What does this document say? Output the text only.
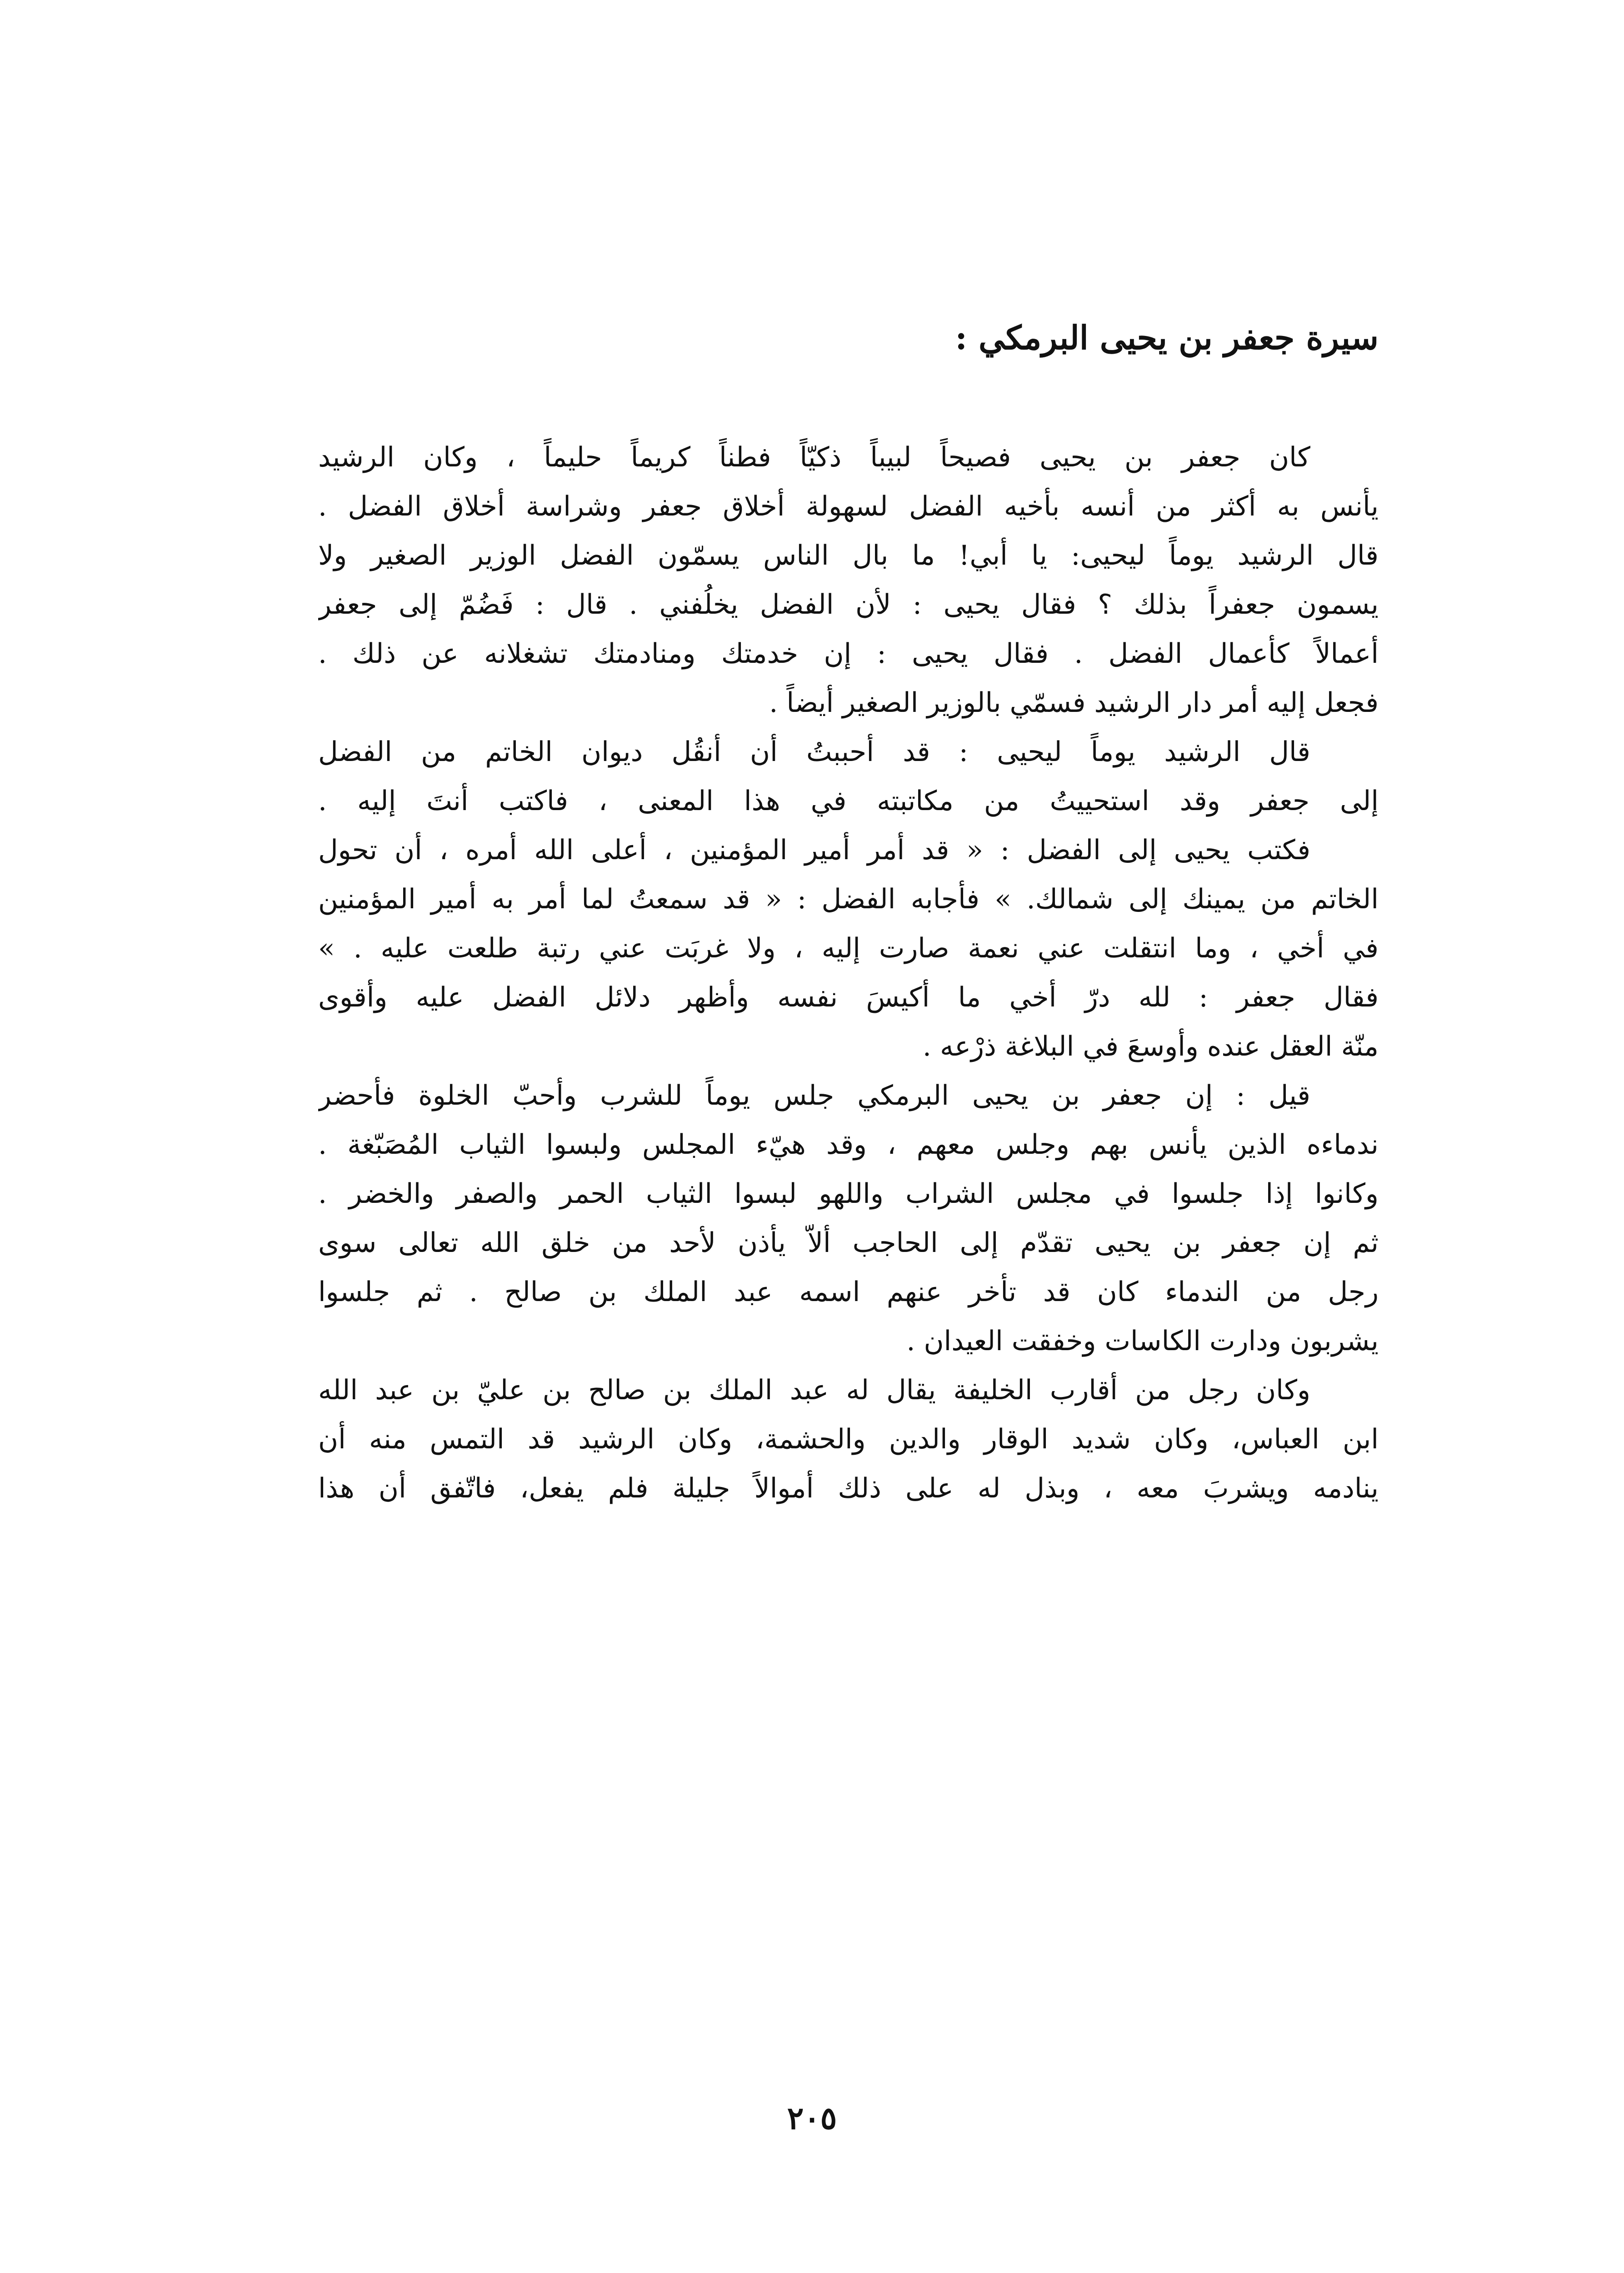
سيرة جعفر بن يحيى البرمكي :
كان جعفر بن يحيى فصيحاً لبيباً ذكيّاً فطناً كريماً حليماً ، وكان الرشيد
يأنس به أكثر من أنسه بأخيه الفضل لسهولة أخلاق جعفر وشراسة أخلاق الفضل .
قال الرشيد يوماً ليحيى: يا أبي! ما بال الناس يسمّون الفضل الوزير الصغير ولا
يسمون جعفراً بذلك ؟ فقال يحيى : لأن الفضل يخلُفني . قال : فَضُمّ إلى جعفر
أعمالاً كأعمال الفضل . فقال يحيى : إن خدمتك ومنادمتك تشغلانه عن ذلك .
فجعل إليه أمر دار الرشيد فسمّي بالوزير الصغير أيضاً .
قال الرشيد يوماً ليحيى : قد أحببتُ أن أنقُل ديوان الخاتم من الفضل
إلى جعفر وقد استحييتُ من مكاتبته في هذا المعنى ، فاكتب أنتَ إليه .
فكتب يحيى إلى الفضل : « قد أمر أمير المؤمنين ، أعلى الله أمره ، أن تحول
الخاتم من يمينك إلى شمالك. » فأجابه الفضل : « قد سمعتُ لما أمر به أمير المؤمنين
في أخي ، وما انتقلت عني نعمة صارت إليه ، ولا غربَت عني رتبة طلعت عليه . »
فقال جعفر : لله درّ أخي ما أكيسَ نفسه وأظهر دلائل الفضل عليه وأقوى
منّة العقل عنده وأوسعَ في البلاغة ذرْعه .
قيل : إن جعفر بن يحيى البرمكي جلس يوماً للشرب وأحبّ الخلوة فأحضر
ندماءه الذين يأنس بهم وجلس معهم ، وقد هيّء المجلس ولبسوا الثياب المُصَبّغة .
وكانوا إذا جلسوا في مجلس الشراب واللهو لبسوا الثياب الحمر والصفر والخضر .
ثم إن جعفر بن يحيى تقدّم إلى الحاجب ألاّ يأذن لأحد من خلق الله تعالى سوى
رجل من الندماء كان قد تأخر عنهم اسمه عبد الملك بن صالح . ثم جلسوا
يشربون ودارت الكاسات وخفقت العيدان .
وكان رجل من أقارب الخليفة يقال له عبد الملك بن صالح بن عليّ بن عبد الله
ابن العباس، وكان شديد الوقار والدين والحشمة، وكان الرشيد قد التمس منه أن
ينادمه ويشربَ معه ، وبذل له على ذلك أموالاً جليلة فلم يفعل، فاتّفق أن هذا
٢٠٥
